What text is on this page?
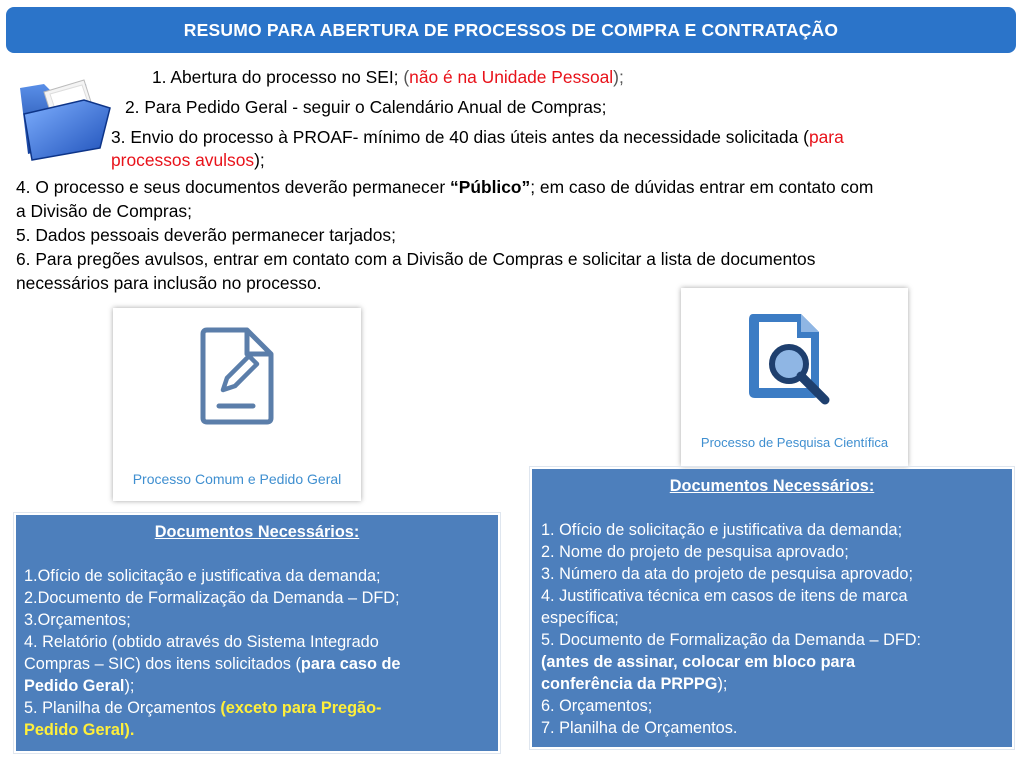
RESUMO PARA ABERTURA DE PROCESSOS DE COMPRA E CONTRATAÇÃO
1. Abertura do processo no SEI; (não é na Unidade Pessoal);
2. Para Pedido Geral - seguir o Calendário Anual de Compras;
3. Envio do processo à PROAF- mínimo de 40 dias úteis antes da necessidade solicitada (para
processos avulsos);
4. O processo e seus documentos deverão permanecer “Público”; em caso de dúvidas entrar em contato com
a Divisão de Compras;
5. Dados pessoais deverão permanecer tarjados;
6. Para pregões avulsos, entrar em contato com a Divisão de Compras e solicitar a lista de documentos
necessários para inclusão no processo.
Processo Comum e Pedido Geral
Processo de Pesquisa Científica
Documentos Necessários:
1.Ofício de solicitação e justificativa da demanda;
2.Documento de Formalização da Demanda – DFD;
3.Orçamentos;
4. Relatório (obtido através do Sistema Integrado
Compras – SIC) dos itens solicitados (para caso de
Pedido Geral);
5. Planilha de Orçamentos (exceto para Pregão-
Pedido Geral).
Documentos Necessários:
1. Ofício de solicitação e justificativa da demanda;
2. Nome do projeto de pesquisa aprovado;
3. Número da ata do projeto de pesquisa aprovado;
4. Justificativa técnica em casos de itens de marca
específica;
5. Documento de Formalização da Demanda – DFD:
(antes de assinar, colocar em bloco para
conferência da PRPPG);
6. Orçamentos;
7. Planilha de Orçamentos.
